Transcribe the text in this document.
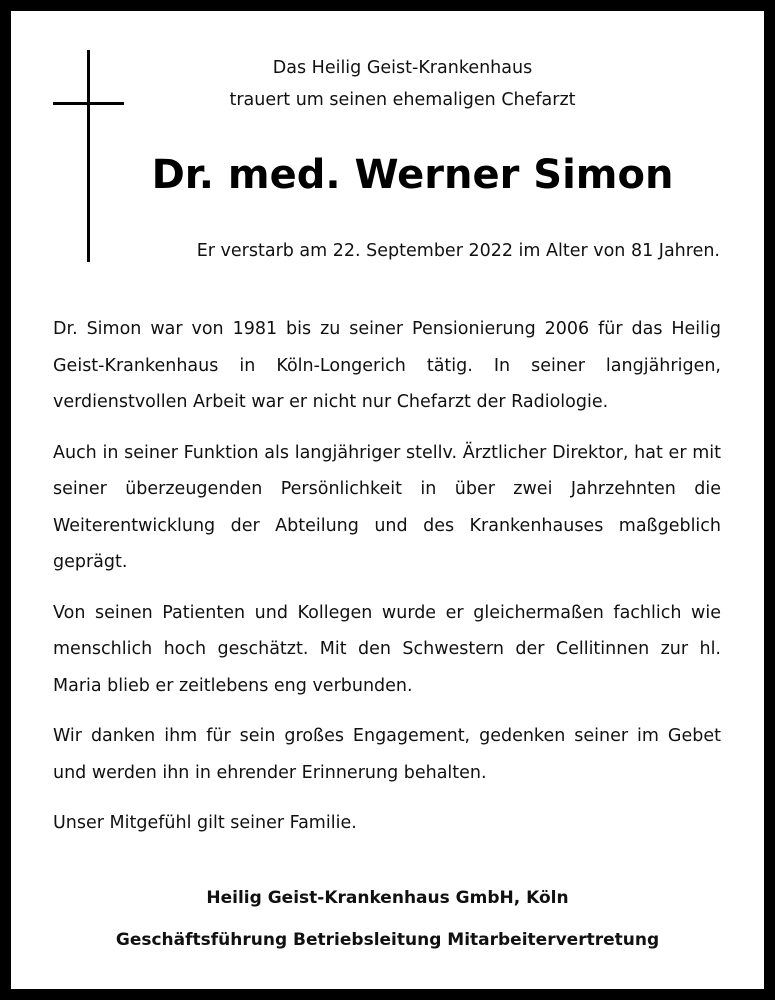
Das Heilig Geist-Krankenhaus
trauert um seinen ehemaligen Chefarzt
Dr. med. Werner Simon
Er verstarb am 22. September 2022 im Alter von 81 Jahren.

Dr. Simon war von 1981 bis zu seiner Pensionierung 2006 für das Heilig Geist-Krankenhaus in Köln-Longerich tätig. In seiner langjährigen, verdienstvollen Arbeit war er nicht nur Chefarzt der Radiologie.

Auch in seiner Funktion als langjähriger stellv. Ärztlicher Direktor, hat er mit seiner überzeugenden Persönlichkeit in über zwei Jahrzehnten die Weiterentwicklung der Abteilung und des Krankenhauses maßgeblich geprägt.

Von seinen Patienten und Kollegen wurde er gleichermaßen fachlich wie menschlich hoch geschätzt. Mit den Schwestern der Cellitinnen zur hl. Maria blieb er zeitlebens eng verbunden.

Wir danken ihm für sein großes Engagement, gedenken seiner im Gebet und werden ihn in ehrender Erinnerung behalten.

Unser Mitgefühl gilt seiner Familie.

Heilig Geist-Krankenhaus GmbH, Köln
Geschäftsführung Betriebsleitung Mitarbeitervertretung
